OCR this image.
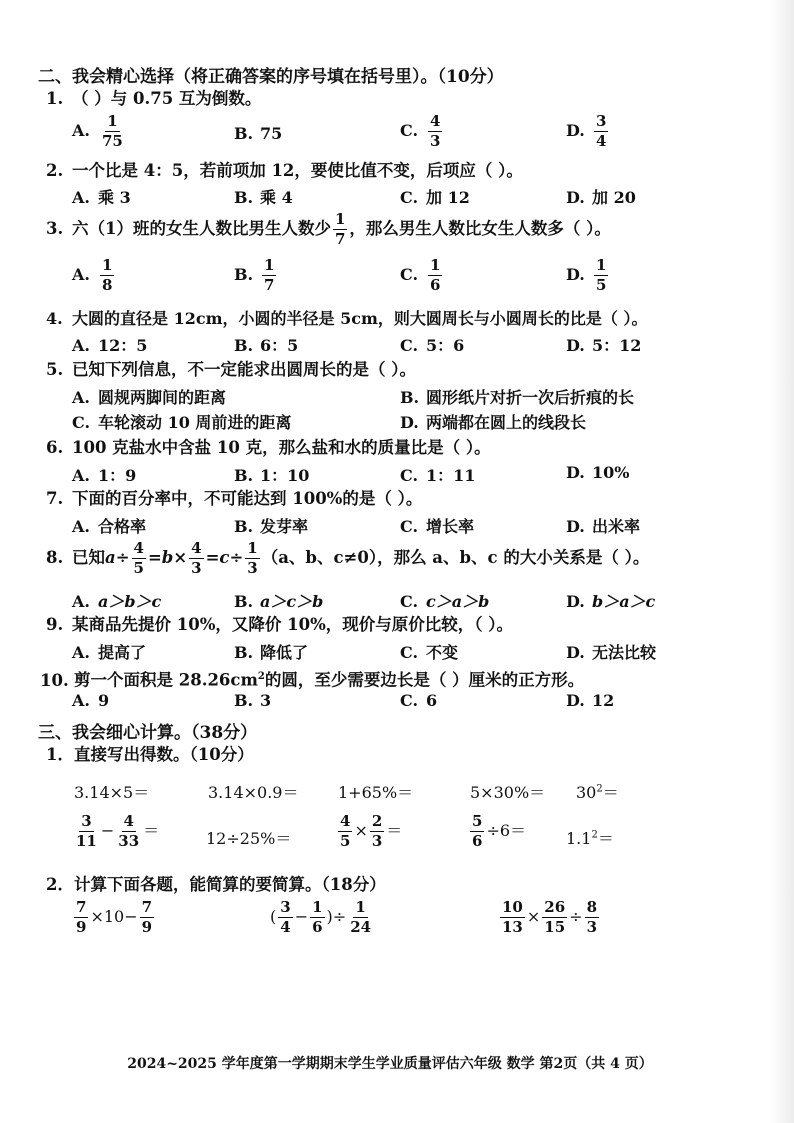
二、我会精心选择（将正确答案的序号填在括号里）。（10分）
1. （ ）与 0.75 互为倒数。
A. $\frac{1}{75}$	B. 75	C. $\frac{4}{3}$	D. $\frac{3}{4}$
2. 一个比是 4：5，若前项加 12，要使比值不变，后项应（ ）。
A. 乘 3	B. 乘 4	C. 加 12	D. 加 20
3. 六（1）班的女生人数比男生人数少 $\frac{1}{7}$ ，那么男生人数比女生人数多（ ）。
A. $\frac{1}{8}$	B. $\frac{1}{7}$	C. $\frac{1}{6}$	D. $\frac{1}{5}$
4. 大圆的直径是 12cm，小圆的半径是 5cm，则大圆周长与小圆周长的比是（ ）。
A. 12：5	B. 6：5	C. 5：6	D. 5：12
5. 已知下列信息，不一定能求出圆周长的是（ ）。
A. 圆规两脚间的距离	B. 圆形纸片对折一次后折痕的长
C. 车轮滚动 10 周前进的距离	D. 两端都在圆上的线段长
6. 100 克盐水中含盐 10 克，那么盐和水的质量比是（ ）。
A. 1：9	B. 1：10	C. 1：11	D. 10%
7. 下面的百分率中，不可能达到 100%的是（ ）。
A. 合格率	B. 发芽率	C. 增长率	D. 出米率
8. 已知$a\div \frac{4}{5} =b\times \frac{4}{3} =c\div \frac{1}{3} (a$、b、c≠0），那么 a、b、c 的大小关系是（ ）。
A. a＞b＞c	B. a＞c＞b	C. c＞a＞b	D. b＞a＞c
9. 某商品先提价 10%，又降价 10%，现价与原价比较，（ ）。
A. 提高了	B. 降低了	C. 不变	D. 无法比较
10. 剪一个面积是 $28.26cm^2$的圆，至少需要边长是（ ）厘米的正方形。
A. 9	B. 3	C. 6	D. 12
三、我会细心计算。（38分）
1．直接写出得数。（10分）
3.14×5＝	3.14×0.9＝ 1+65%＝	$5\times 30\%= 30^2=$
$\frac{3}{11} - \frac{4}{33}$ ＝	12÷25%＝	$\frac{4}{5} \times \frac{2}{3}$ ＝	$\frac{5}{6} \div 6= 1.1^2=$
2．计算下面各题，能简算的要简算。（18分）
$\frac{7}{9} \times 10- \frac{7}{9}$	( $\frac{3}{4} - \frac{1}{6}$ )÷ $\frac{1}{24}$	$\frac{10}{13} \times \frac{26}{15} \div \frac{8}{3}$
2024~2025 学年度第一学期期末学生学业质量评估六年级 数学 第2页（共 4 页）
